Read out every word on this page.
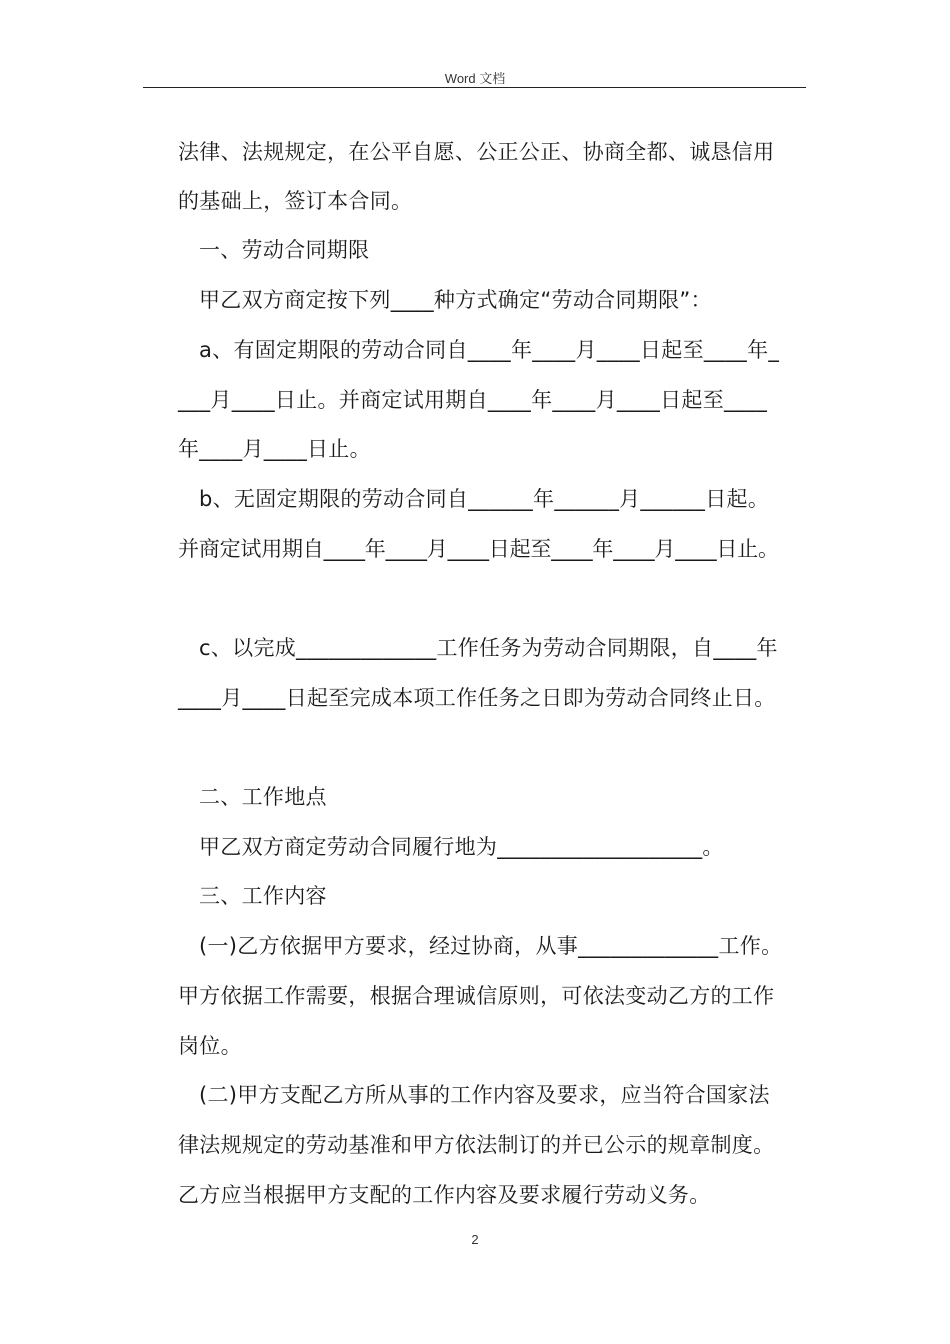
Word 文档
法律、法规规定，在公平自愿、公正公正、协商全都、诚恳信用
的基础上，签订本合同。
一、劳动合同期限
甲乙双方商定按下列____种方式确定“劳动合同期限”：
a、有固定期限的劳动合同自____年____月____日起至____年_
___月____日止。并商定试用期自____年____月____日起至____
年____月____日止。
b、无固定期限的劳动合同自______年______月______日起。
并商定试用期自____年____月____日起至____年____月____日止。
c、以完成_____________工作任务为劳动合同期限，自____年
____月____日起至完成本项工作任务之日即为劳动合同终止日。
二、工作地点
甲乙双方商定劳动合同履行地为___________________。
三、工作内容
(一)乙方依据甲方要求，经过协商，从事_____________工作。
甲方依据工作需要，根据合理诚信原则，可依法变动乙方的工作
岗位。
(二)甲方支配乙方所从事的工作内容及要求，应当符合国家法
律法规规定的劳动基准和甲方依法制订的并已公示的规章制度。
乙方应当根据甲方支配的工作内容及要求履行劳动义务。
2
